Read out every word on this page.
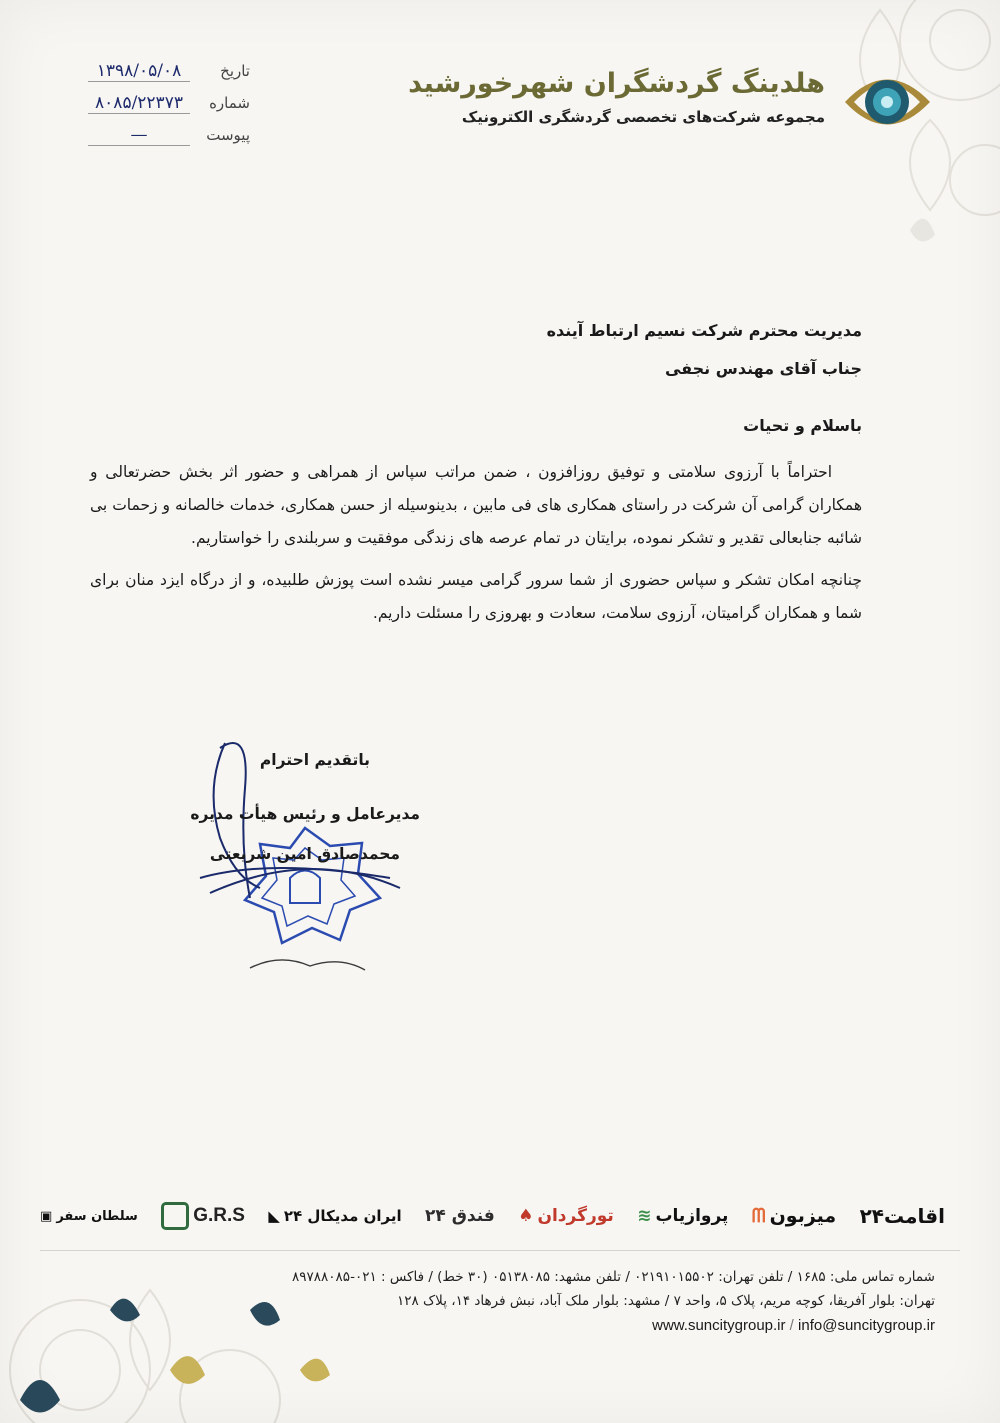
تاریخ
۱۳۹۸/۰۵/۰۸
شماره
۸۰۸۵/۲۲۳۷۳
پیوست
—
هلدینگ گردشگران شهرخورشید
مجموعه شرکت‌های تخصصی گردشگری الکترونیک
مدیریت محترم شرکت نسیم ارتباط آینده
جناب آقای مهندس نجفی
باسلام و تحیات
احتراماً با آرزوی سلامتی و توفیق روزافزون ، ضمن مراتب سپاس از همراهی و حضور اثر بخش حضرتعالی و همکاران گرامی آن شرکت در راستای همکاری های فی مابین ، بدینوسیله از حسن همکاری، خدمات خالصانه و زحمات بی شائبه جنابعالی تقدیر و تشکر نموده، برایتان در تمام عرصه های زندگی موفقیت و سربلندی را خواستاریم.
چنانچه امکان تشکر و سپاس حضوری از شما سرور گرامی میسر نشده است پوزش طلبیده، و از درگاه ایزد منان برای شما و همکاران گرامیتان، آرزوی سلامت، سعادت و بهروزی را مسئلت داریم.
باتقدیم احترام
مدیرعامل و رئیس هیأت مدیره
محمدصادق امین شریعتی
اقامت۲۴
میزبون
ᗰ
پروازیاب
≋
تورگردان
♠
فندق ۲۴
ایران مدیکال ۲۴
◣
G.R.S
سلطان سفر
▣
شماره تماس ملی: ۱۶۸۵ / تلفن تهران: ۰۲۱۹۱۰۱۵۵۰۲ / تلفن مشهد: ۰۵۱۳۸۰۸۵ (۳۰ خط) / فاکس : ۰۲۱-۸۹۷۸۸۰۸۵
تهران: بلوار آفریقا، کوچه مریم، پلاک ۵، واحد ۷ / مشهد: بلوار ملک آباد، نبش فرهاد ۱۴، پلاک ۱۲۸
www.suncitygroup.ir / info@suncitygroup.ir
